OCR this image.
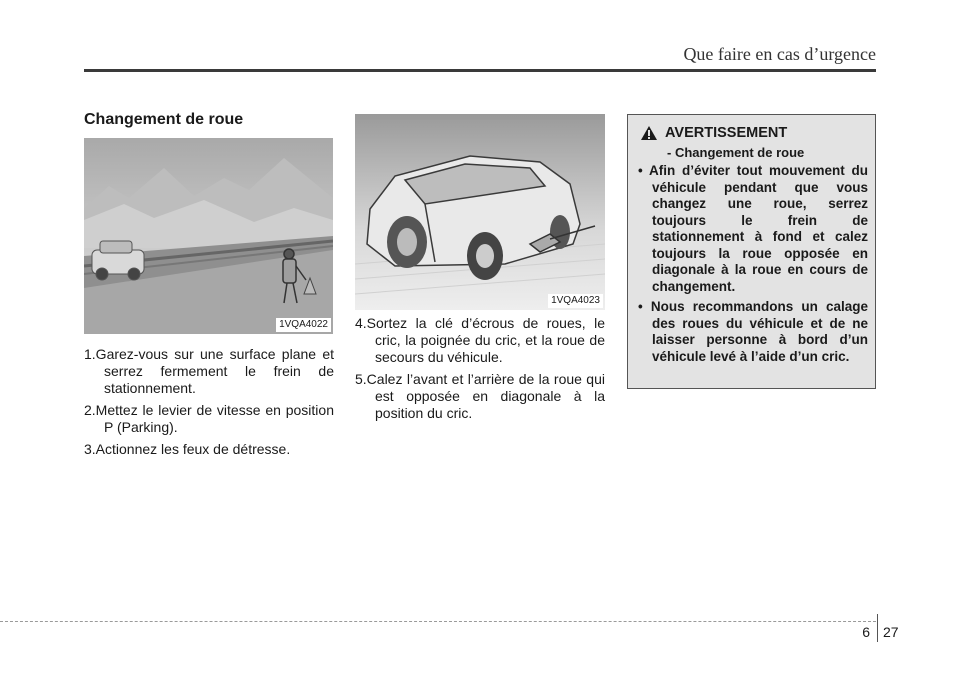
Que faire en cas d’urgence
Changement de roue
1VQA4022
1.Garez-vous sur une surface plane et serrez fermement le frein de stationnement.
2.Mettez le levier de vitesse en position P (Parking).
3.Actionnez les feux de détresse.
1VQA4023
4.Sortez la clé d’écrous de roues, le cric, la poignée du cric, et la roue de secours du véhicule.
5.Calez l’avant et l’arrière de la roue qui est opposée en diagonale à la position du cric.
AVERTISSEMENT
- Changement de roue
• Afin d’éviter tout mouvement du véhicule pendant que vous changez une roue, serrez toujours le frein de stationnement à fond et calez toujours la roue opposée en diagonale à la roue en cours de changement.
• Nous recommandons un calage des roues du véhicule et de ne laisser personne à bord d’un véhicule levé à l’aide d’un cric.
6 27
